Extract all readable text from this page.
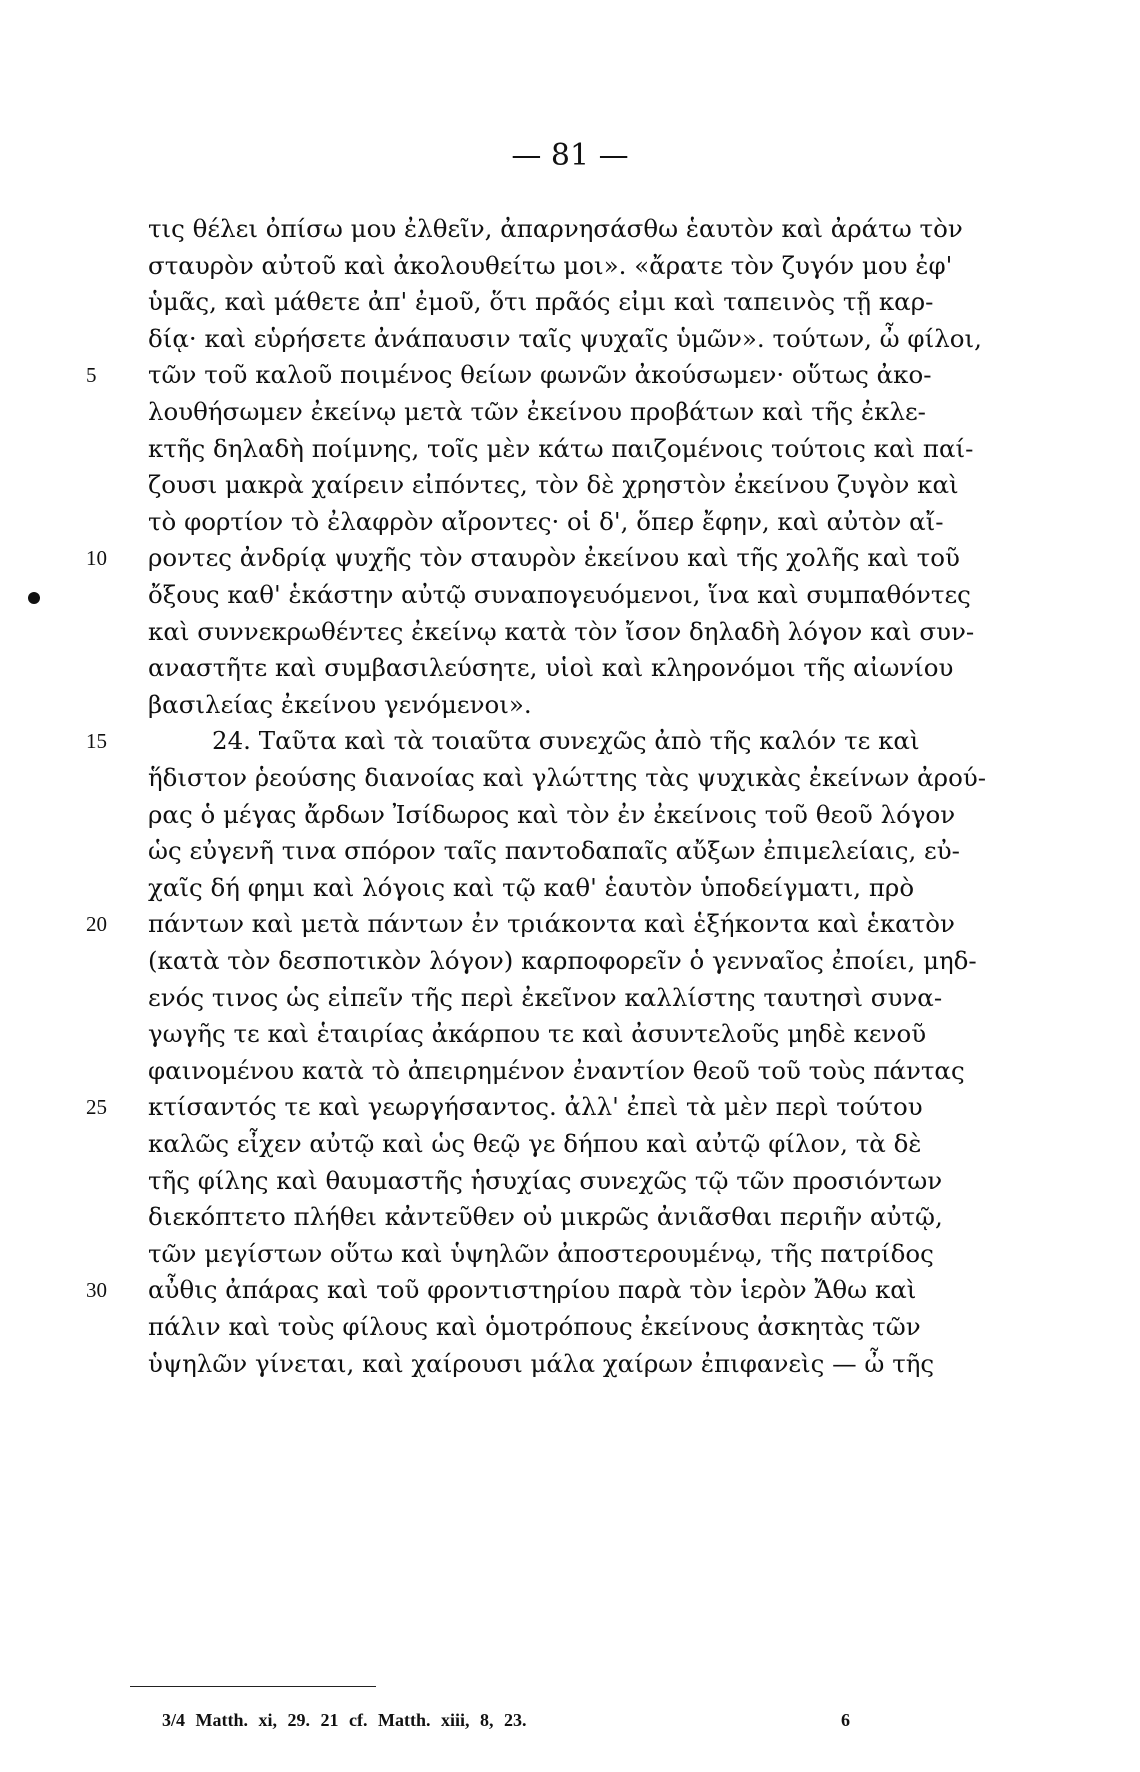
— 81 —
τις θέλει ὀπίσω μου ἐλθεῖν, ἀπαρνησάσθω ἑαυτὸν καὶ ἀράτω τὸν
σταυρὸν αὐτοῦ καὶ ἀκολουθείτω μοι». «ἄρατε τὸν ζυγόν μου ἐφ'
ὑμᾶς, καὶ μάθετε ἀπ' ἐμοῦ, ὅτι πρᾶός εἰμι καὶ ταπεινὸς τῇ καρ-
δίᾳ· καὶ εὑρήσετε ἀνάπαυσιν ταῖς ψυχαῖς ὑμῶν». τούτων, ὦ φίλοι,
τῶν τοῦ καλοῦ ποιμένος θείων φωνῶν ἀκούσωμεν· οὕτως ἀκο-
5
λουθήσωμεν ἐκείνῳ μετὰ τῶν ἐκείνου προβάτων καὶ τῆς ἐκλε-
κτῆς δηλαδὴ ποίμνης, τοῖς μὲν κάτω παιζομένοις τούτοις καὶ παί-
ζουσι μακρὰ χαίρειν εἰπόντες, τὸν δὲ χρηστὸν ἐκείνου ζυγὸν καὶ
τὸ φορτίον τὸ ἐλαφρὸν αἴροντες· οἱ δ', ὅπερ ἔφην, καὶ αὐτὸν αἴ-
ροντες ἀνδρίᾳ ψυχῆς τὸν σταυρὸν ἐκείνου καὶ τῆς χολῆς καὶ τοῦ
10
ὄξους καθ' ἑκάστην αὐτῷ συναπογευόμενοι, ἵνα καὶ συμπαθόντες
καὶ συννεκρωθέντες ἐκείνῳ κατὰ τὸν ἴσον δηλαδὴ λόγον καὶ συν-
αναστῆτε καὶ συμβασιλεύσητε, υἱοὶ καὶ κληρονόμοι τῆς αἰωνίου
βασιλείας ἐκείνου γενόμενοι».
24. Ταῦτα καὶ τὰ τοιαῦτα συνεχῶς ἀπὸ τῆς καλόν τε καὶ
15
ἥδιστον ῥεούσης διανοίας καὶ γλώττης τὰς ψυχικὰς ἐκείνων ἀρού-
ρας ὁ μέγας ἄρδων Ἰσίδωρος καὶ τὸν ἐν ἐκείνοις τοῦ θεοῦ λόγον
ὡς εὐγενῆ τινα σπόρον ταῖς παντοδαπαῖς αὔξων ἐπιμελείαις, εὐ-
χαῖς δή φημι καὶ λόγοις καὶ τῷ καθ' ἑαυτὸν ὑποδείγματι, πρὸ
πάντων καὶ μετὰ πάντων ἐν τριάκοντα καὶ ἑξήκοντα καὶ ἑκατὸν
20
(κατὰ τὸν δεσποτικὸν λόγον) καρποφορεῖν ὁ γενναῖος ἐποίει, μηδ-
ενός τινος ὡς εἰπεῖν τῆς περὶ ἐκεῖνον καλλίστης ταυτησὶ συνα-
γωγῆς τε καὶ ἑταιρίας ἀκάρπου τε καὶ ἀσυντελοῦς μηδὲ κενοῦ
φαινομένου κατὰ τὸ ἀπειρημένον ἐναντίον θεοῦ τοῦ τοὺς πάντας
κτίσαντός τε καὶ γεωργήσαντος. ἀλλ' ἐπεὶ τὰ μὲν περὶ τούτου
25
καλῶς εἶχεν αὐτῷ καὶ ὡς θεῷ γε δήπου καὶ αὐτῷ φίλον, τὰ δὲ
τῆς φίλης καὶ θαυμαστῆς ἡσυχίας συνεχῶς τῷ τῶν προσιόντων
διεκόπτετο πλήθει κἀντεῦθεν οὐ μικρῶς ἀνιᾶσθαι περιῆν αὐτῷ,
τῶν μεγίστων οὕτω καὶ ὑψηλῶν ἀποστερουμένῳ, τῆς πατρίδος
αὖθις ἀπάρας καὶ τοῦ φροντιστηρίου παρὰ τὸν ἱερὸν Ἄθω καὶ
30
πάλιν καὶ τοὺς φίλους καὶ ὁμοτρόπους ἐκείνους ἀσκητὰς τῶν
ὑψηλῶν γίνεται, καὶ χαίρουσι μάλα χαίρων ἐπιφανεὶς — ὦ τῆς
3/4 Matth. xi, 29. 21 cf. Matth. xiii, 8, 23.	6
